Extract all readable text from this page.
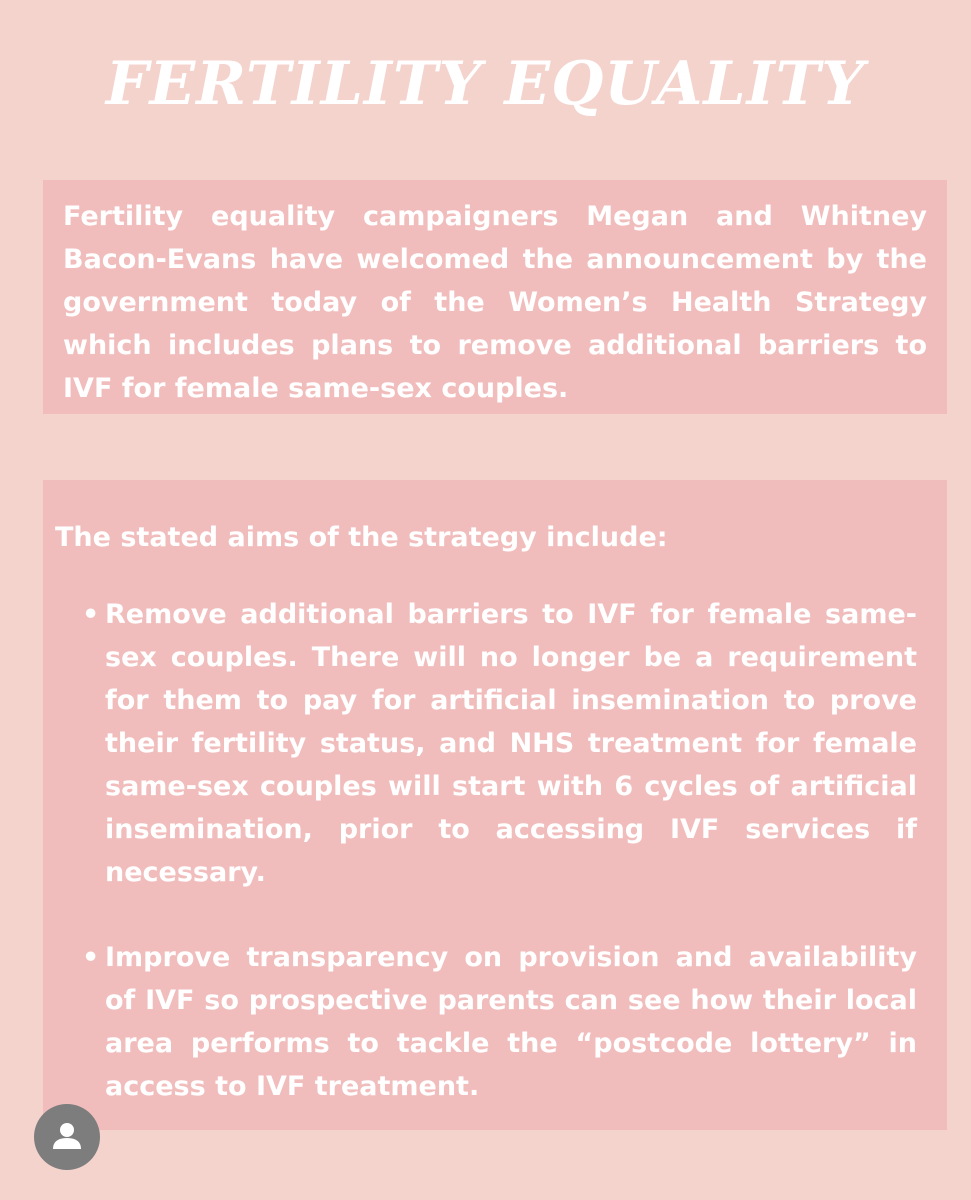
FERTILITY EQUALITY

Fertility equality campaigners Megan and Whitney Bacon-Evans have welcomed the announcement by the government today of the Women’s Health Strategy which includes plans to remove additional barriers to IVF for female same-sex couples.

The stated aims of the strategy include:

• Remove additional barriers to IVF for female same-sex couples. There will no longer be a requirement for them to pay for artificial insemination to prove their fertility status, and NHS treatment for female same-sex couples will start with 6 cycles of artificial insemination, prior to accessing IVF services if necessary.
• Improve transparency on provision and availability of IVF so prospective parents can see how their local area performs to tackle the “postcode lottery” in access to IVF treatment.
